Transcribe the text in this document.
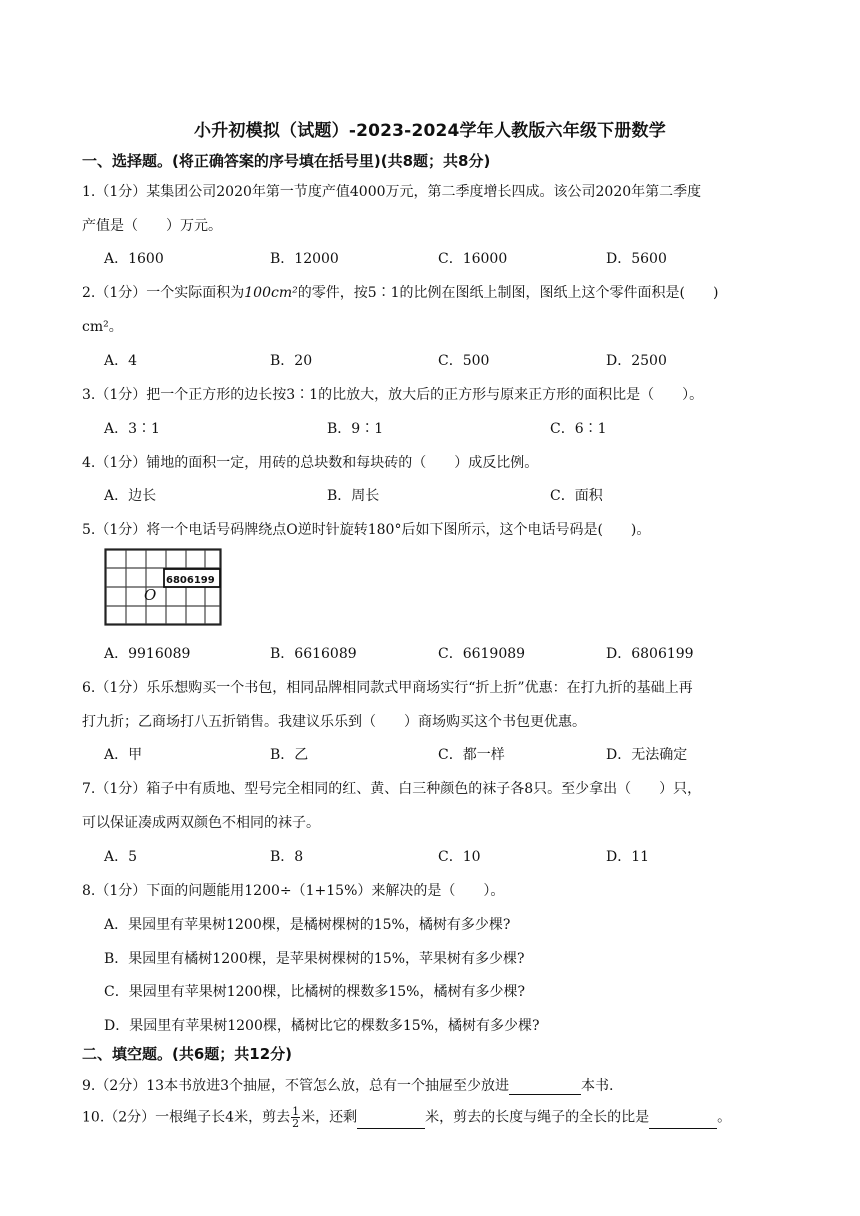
小升初模拟（试题）-2023-2024学年人教版六年级下册数学
一、选择题。(将正确答案的序号填在括号里)(共8题；共8分)
1.（1分）某集团公司2020年第一节度产值4000万元，第二季度增长四成。该公司2020年第二季度
产值是（　　）万元。
A．1600	B．12000	C．16000	D．5600
2.（1分）一个实际面积为100cm²的零件，按5∶1的比例在图纸上制图，图纸上这个零件面积是(　　)
cm²。
A．4	B．20	C．500	D．2500
3.（1分）把一个正方形的边长按3∶1的比放大，放大后的正方形与原来正方形的面积比是（　　）。
A．3∶1	B．9∶1	C．6∶1
4.（1分）铺地的面积一定，用砖的总块数和每块砖的（　　）成反比例。
A．边长	B．周长	C．面积
5.（1分）将一个电话号码牌绕点O逆时针旋转180°后如下图所示，这个电话号码是(　　)。
6806199
O
A．9916089	B．6616089	C．6619089	D．6806199
6.（1分）乐乐想购买一个书包，相同品牌相同款式甲商场实行“折上折”优惠：在打九折的基础上再
打九折；乙商场打八五折销售。我建议乐乐到（　　）商场购买这个书包更优惠。
A．甲	B．乙	C．都一样	D．无法确定
7.（1分）箱子中有质地、型号完全相同的红、黄、白三种颜色的袜子各8只。至少拿出（　　）只，
可以保证凑成两双颜色不相同的袜子。
A．5	B．8	C．10	D．11
8.（1分）下面的问题能用1200÷（1+15%）来解决的是（　　）。
A．果园里有苹果树1200棵，是橘树棵树的15%，橘树有多少棵?
B．果园里有橘树1200棵，是苹果树棵树的15%，苹果树有多少棵?
C．果园里有苹果树1200棵，比橘树的棵数多15%，橘树有多少棵?
D．果园里有苹果树1200棵，橘树比它的棵数多15%，橘树有多少棵?
二、填空题。(共6题；共12分)
9.（2分）13本书放进3个抽屉，不管怎么放，总有一个抽屉至少放进	本书.
10.（2分）一根绳子长4米，剪去 $\frac{1}{2}$ 米，还剩	米，剪去的长度与绳子的全长的比是	。
